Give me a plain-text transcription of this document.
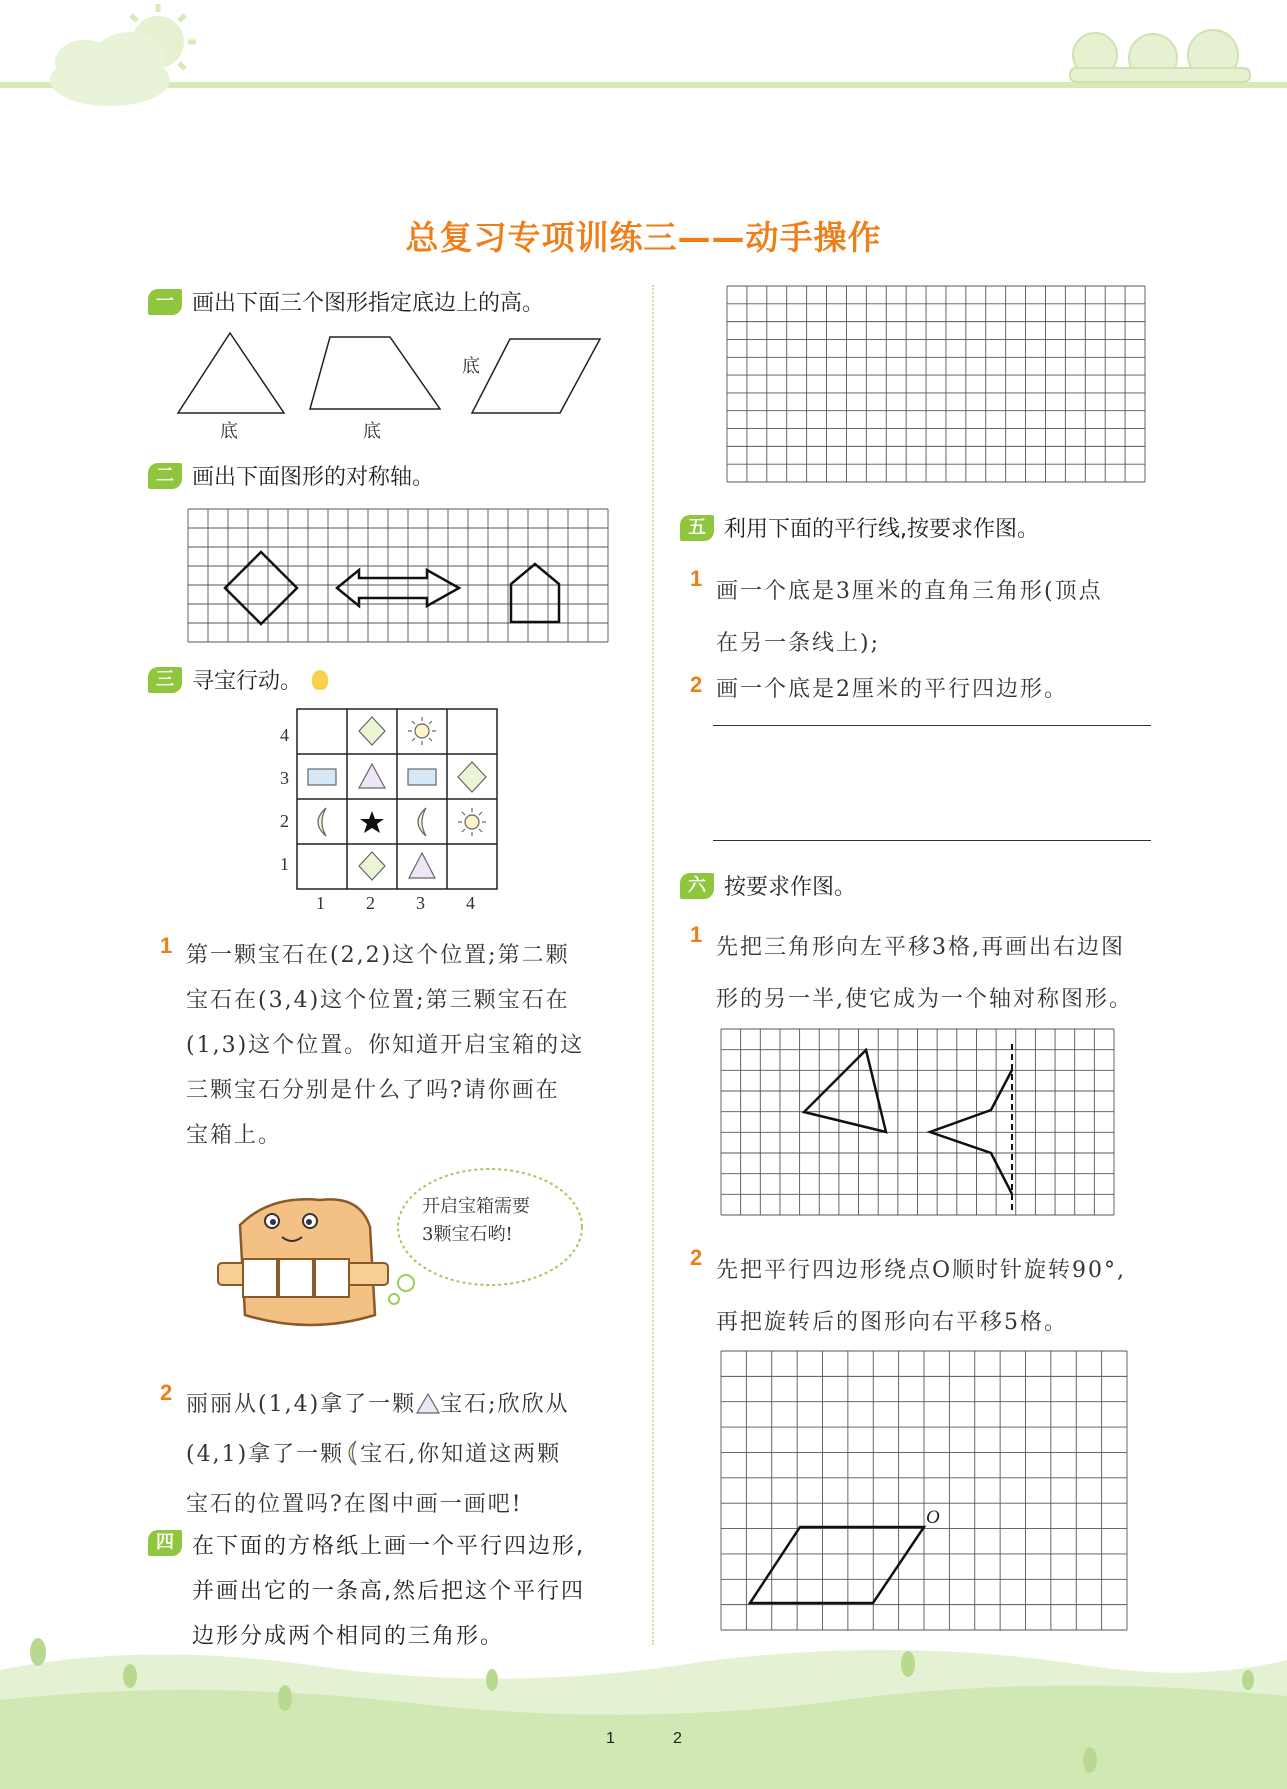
总复习专项训练三——动手操作
一 画出下面三个图形指定底边上的高。
底	底
底
二 画出下面图形的对称轴。
三 寻宝行动。
4
3
2
1
1 2 3 4
1 第一颗宝石在(2,2)这个位置;第二颗
宝石在(3,4)这个位置;第三颗宝石在
(1,3)这个位置。你知道开启宝箱的这
三颗宝石分别是什么了吗?请你画在
宝箱上。
开启宝箱需要
3颗宝石哟!
2 丽丽从(1,4)拿了一颗 宝石;欣欣从
(4,1)拿了一颗 宝石,你知道这两颗
宝石的位置吗?在图中画一画吧!
四 在下面的方格纸上画一个平行四边形,
并画出它的一条高,然后把这个平行四
边形分成两个相同的三角形。
五 利用下面的平行线,按要求作图。
1
画一个底是3厘米的直角三角形(顶点
在另一条线上);
2 画一个底是2厘米的平行四边形。
六 按要求作图。
1
先把三角形向左平移3格,再画出右边图
形的另一半,使它成为一个轴对称图形。
2
先把平行四边形绕点O顺时针旋转90°,
再把旋转后的图形向右平移5格。
O
1	2
